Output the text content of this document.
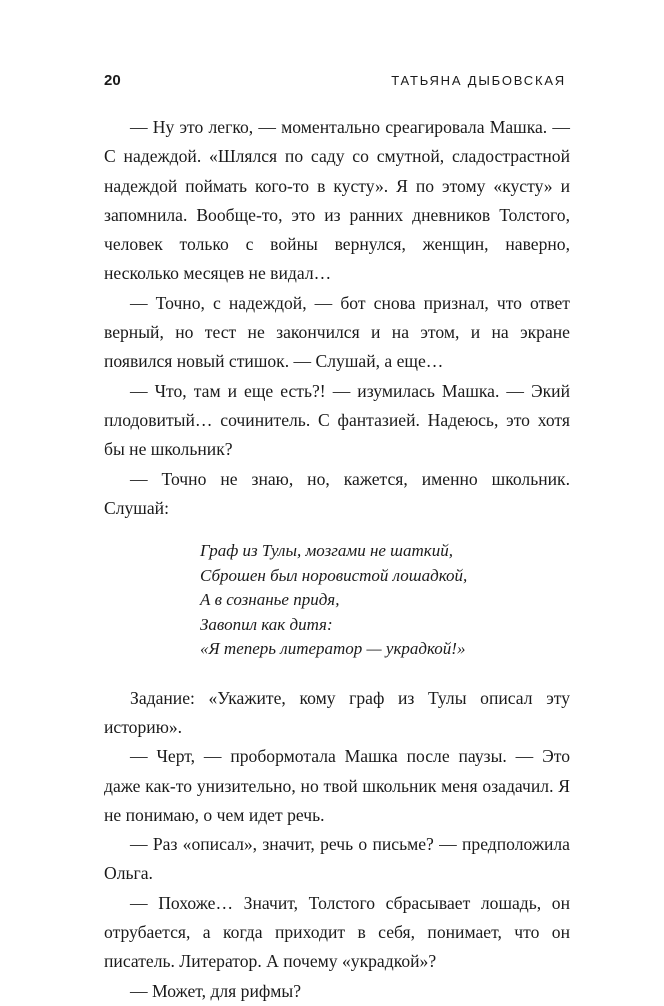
20	ТАТЬЯНА ДЫБОВСКАЯ

— Ну это легко, — моментально среагировала Машка. — С надеждой. «Шлялся по саду со смутной, сладострастной надеждой поймать кого-то в кусту». Я по этому «кусту» и запомнила. Вообще-то, это из ранних дневников Толстого, человек только с войны вернулся, женщин, наверно, несколько месяцев не видал…

— Точно, с надеждой, — бот снова признал, что ответ верный, но тест не закончился и на этом, и на экране появился новый стишок. — Слушай, а еще…

— Что, там и еще есть?! — изумилась Машка. — Экий плодовитый… сочинитель. С фантазией. Надеюсь, это хотя бы не школьник?

— Точно не знаю, но, кажется, именно школьник. Слушай:

Граф из Тулы, мозгами не шаткий,
Сброшен был норовистой лошадкой,
А в сознанье придя,
Завопил как дитя:
«Я теперь литератор — украдкой!»

Задание: «Укажите, кому граф из Тулы описал эту историю».

— Черт, — пробормотала Машка после паузы. — Это даже как-то унизительно, но твой школьник меня озадачил. Я не понимаю, о чем идет речь.

— Раз «описал», значит, речь о письме? — предположила Ольга.

— Похоже… Значит, Толстого сбрасывает лошадь, он отрубается, а когда приходит в себя, понимает, что он писатель. Литератор. А почему «украдкой»?

— Может, для рифмы?
